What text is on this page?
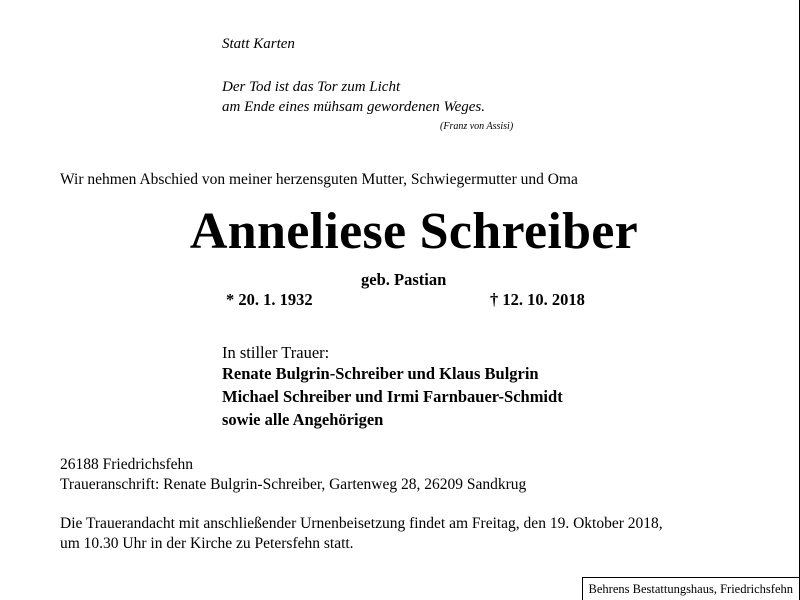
Statt Karten
Der Tod ist das Tor zum Licht
am Ende eines mühsam gewordenen Weges.
(Franz von Assisi)
Wir nehmen Abschied von meiner herzensguten Mutter, Schwiegermutter und Oma
Anneliese Schreiber
geb. Pastian
* 20. 1. 1932	† 12. 10. 2018
In stiller Trauer:
Renate Bulgrin-Schreiber und Klaus Bulgrin
Michael Schreiber und Irmi Farnbauer-Schmidt
sowie alle Angehörigen
26188 Friedrichsfehn
Traueranschrift: Renate Bulgrin-Schreiber, Gartenweg 28, 26209 Sandkrug
Die Trauerandacht mit anschließender Urnenbeisetzung findet am Freitag, den 19. Oktober 2018,
um 10.30 Uhr in der Kirche zu Petersfehn statt.
Behrens Bestattungshaus, Friedrichsfehn
